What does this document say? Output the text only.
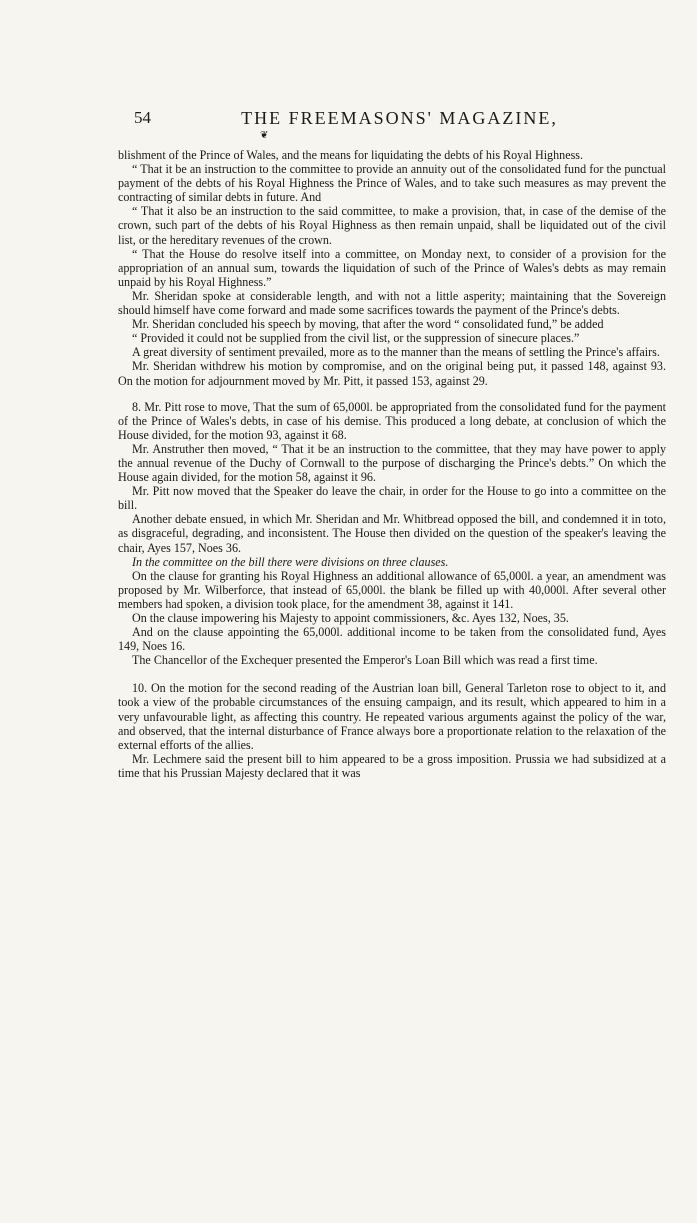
54	THE FREEMASONS' MAGAZINE,
❦

blishment of the Prince of Wales, and the means for liquidating the debts of his Royal Highness.

“ That it be an instruction to the committee to provide an annuity out of the consolidated fund for the punctual payment of the debts of his Royal Highness the Prince of Wales, and to take such measures as may prevent the contracting of similar debts in future. And

“ That it also be an instruction to the said committee, to make a provision, that, in case of the demise of the crown, such part of the debts of his Royal Highness as then remain unpaid, shall be liquidated out of the civil list, or the hereditary revenues of the crown.

“ That the House do resolve itself into a committee, on Monday next, to consider of a provision for the appropriation of an annual sum, towards the liquidation of such of the Prince of Wales's debts as may remain unpaid by his Royal Highness.”

Mr. Sheridan spoke at considerable length, and with not a little asperity; maintaining that the Sovereign should himself have come forward and made some sacrifices towards the payment of the Prince's debts.

Mr. Sheridan concluded his speech by moving, that after the word “ consolidated fund,” be added

“ Provided it could not be supplied from the civil list, or the suppression of sinecure places.”

A great diversity of sentiment prevailed, more as to the manner than the means of settling the Prince's affairs.

Mr. Sheridan withdrew his motion by compromise, and on the original being put, it passed 148, against 93. On the motion for adjournment moved by Mr. Pitt, it passed 153, against 29.

8. Mr. Pitt rose to move, That the sum of 65,000l. be appropriated from the consolidated fund for the payment of the Prince of Wales's debts, in case of his demise. This produced a long debate, at conclusion of which the House divided, for the motion 93, against it 68.

Mr. Anstruther then moved, “ That it be an instruction to the committee, that they may have power to apply the annual revenue of the Duchy of Cornwall to the purpose of discharging the Prince's debts.” On which the House again divided, for the motion 58, against it 96.

Mr. Pitt now moved that the Speaker do leave the chair, in order for the House to go into a committee on the bill.

Another debate ensued, in which Mr. Sheridan and Mr. Whitbread opposed the bill, and condemned it in toto, as disgraceful, degrading, and inconsistent. The House then divided on the question of the speaker's leaving the chair, Ayes 157, Noes 36.

In the committee on the bill there were divisions on three clauses.

On the clause for granting his Royal Highness an additional allowance of 65,000l. a year, an amendment was proposed by Mr. Wilberforce, that instead of 65,000l. the blank be filled up with 40,000l. After several other members had spoken, a division took place, for the amendment 38, against it 141.

On the clause impowering his Majesty to appoint commissioners, &c. Ayes 132, Noes, 35.

And on the clause appointing the 65,000l. additional income to be taken from the consolidated fund, Ayes 149, Noes 16.

The Chancellor of the Exchequer presented the Emperor's Loan Bill which was read a first time.

10. On the motion for the second reading of the Austrian loan bill, General Tarleton rose to object to it, and took a view of the probable circumstances of the ensuing campaign, and its result, which appeared to him in a very unfavourable light, as affecting this country. He repeated various arguments against the policy of the war, and observed, that the internal disturbance of France always bore a proportionate relation to the relaxation of the external efforts of the allies.

Mr. Lechmere said the present bill to him appeared to be a gross imposition. Prussia we had subsidized at a time that his Prussian Majesty declared that it was
